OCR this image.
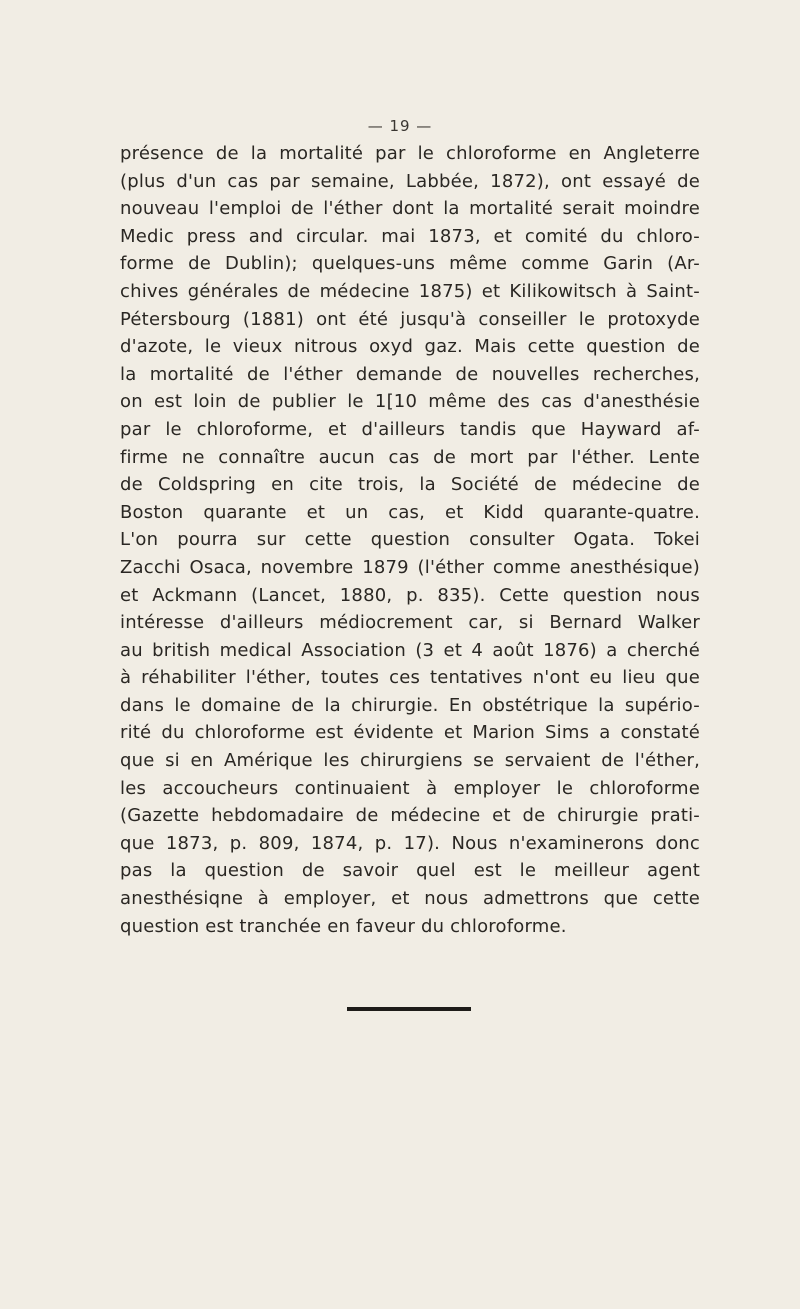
— 19 —
présence de la mortalité par le chloroforme en Angleterre
(plus d'un cas par semaine, Labbée, 1872), ont essayé de
nouveau l'emploi de l'éther dont la mortalité serait moindre
Medic press and circular. mai 1873, et comité du chloro-
forme de Dublin); quelques-uns même comme Garin (Ar-
chives générales de médecine 1875) et Kilikowitsch à Saint-
Pétersbourg (1881) ont été jusqu'à conseiller le protoxyde
d'azote, le vieux nitrous oxyd gaz. Mais cette question de
la mortalité de l'éther demande de nouvelles recherches,
on est loin de publier le 1[10 même des cas d'anesthésie
par le chloroforme, et d'ailleurs tandis que Hayward af-
firme ne connaître aucun cas de mort par l'éther. Lente
de Coldspring en cite trois, la Société de médecine de
Boston quarante et un cas, et Kidd quarante-quatre.
L'on pourra sur cette question consulter Ogata. Tokei
Zacchi Osaca, novembre 1879 (l'éther comme anesthésique)
et Ackmann (Lancet, 1880, p. 835). Cette question nous
intéresse d'ailleurs médiocrement car, si Bernard Walker
au british medical Association (3 et 4 août 1876) a cherché
à réhabiliter l'éther, toutes ces tentatives n'ont eu lieu que
dans le domaine de la chirurgie. En obstétrique la supério-
rité du chloroforme est évidente et Marion Sims a constaté
que si en Amérique les chirurgiens se servaient de l'éther,
les accoucheurs continuaient à employer le chloroforme
(Gazette hebdomadaire de médecine et de chirurgie prati-
que 1873, p. 809, 1874, p. 17). Nous n'examinerons donc
pas la question de savoir quel est le meilleur agent
anesthésiqne à employer, et nous admettrons que cette
question est tranchée en faveur du chloroforme.
